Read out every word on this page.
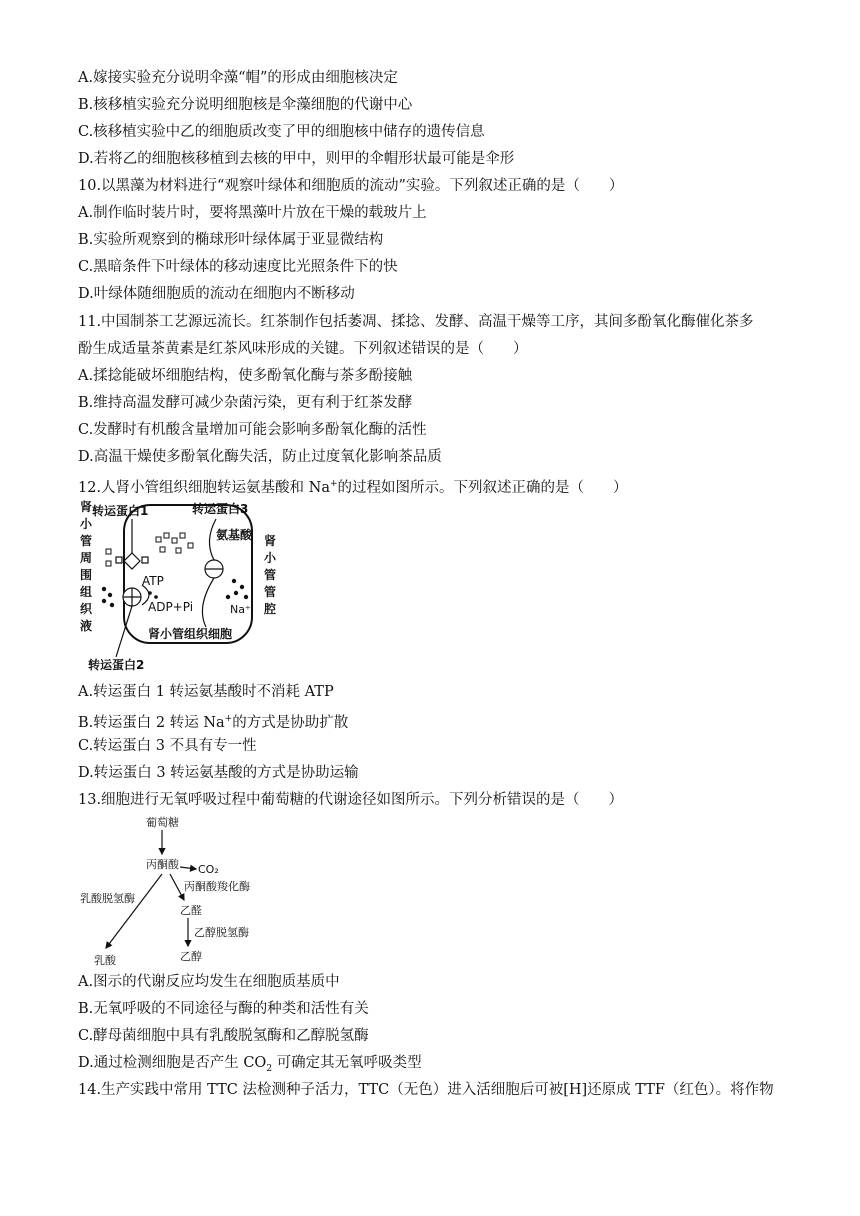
A.嫁接实验充分说明伞藻“帽”的形成由细胞核决定
B.核移植实验充分说明细胞核是伞藻细胞的代谢中心
C.核移植实验中乙的细胞质改变了甲的细胞核中储存的遗传信息
D.若将乙的细胞核移植到去核的甲中，则甲的伞帽形状最可能是伞形
10.以黑藻为材料进行“观察叶绿体和细胞质的流动”实验。下列叙述正确的是（　　）
A.制作临时装片时，要将黑藻叶片放在干燥的载玻片上
B.实验所观察到的椭球形叶绿体属于亚显微结构
C.黑暗条件下叶绿体的移动速度比光照条件下的快
D.叶绿体随细胞质的流动在细胞内不断移动
11.中国制茶工艺源远流长。红茶制作包括萎凋、揉捻、发酵、高温干燥等工序，其间多酚氧化酶催化茶多
酚生成适量茶黄素是红茶风味形成的关键。下列叙述错误的是（　　）
A.揉捻能破坏细胞结构，使多酚氧化酶与茶多酚接触
B.维持高温发酵可减少杂菌污染，更有利于红茶发酵
C.发酵时有机酸含量增加可能会影响多酚氧化酶的活性
D.高温干燥使多酚氧化酶失活，防止过度氧化影响茶品质
12.人肾小管组织细胞转运氨基酸和 Na+的过程如图所示。下列叙述正确的是（　　）
肾
小
管
周
围
组
织
液
肾
小
管
管
腔
转运蛋白1	转运蛋白3
氨基酸
ATP
ADP+Pi	Na⁺
肾小管组织细胞
转运蛋白2
A.转运蛋白 1 转运氨基酸时不消耗 ATP
B.转运蛋白 2 转运 Na+的方式是协助扩散
C.转运蛋白 3 不具有专一性
D.转运蛋白 3 转运氨基酸的方式是协助运输
13.细胞进行无氧呼吸过程中葡萄糖的代谢途径如图所示。下列分析错误的是（　　）
葡萄糖
丙酮酸 CO₂
丙酮酸羧化酶
乳酸脱氢酶
乙醛
乙醇脱氢酶
乳酸	乙醇
A.图示的代谢反应均发生在细胞质基质中
B.无氧呼吸的不同途径与酶的种类和活性有关
C.酵母菌细胞中具有乳酸脱氢酶和乙醇脱氢酶
D.通过检测细胞是否产生 $CO_2$ 可确定其无氧呼吸类型
14.生产实践中常用 TTC 法检测种子活力，TTC（无色）进入活细胞后可被[H]还原成 TTF（红色）。将作物
